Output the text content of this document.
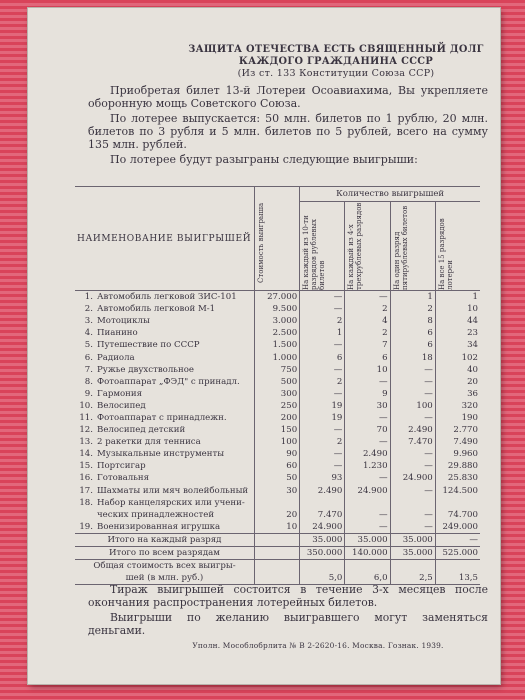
ЗАЩИТА ОТЕЧЕСТВА ЕСТЬ СВЯЩЕННЫЙ ДОЛГ
КАЖДОГО ГРАЖДАНИНА СССР
(Из ст. 133 Конституции Союза ССР)

Приобретая билет 13-й Лотереи Осоавиахима, Вы укрепляете оборонную мощь Советского Союза.

По лотерее выпускается: 50 млн. билетов по 1 рублю, 20 млн. билетов по 3 рубля и 5 млн. билетов по 5 рублей, всего на сумму 135 млн. рублей.

По лотерее будут разыграны следующие выигрыши:

НАИМЕНОВАНИЕ ВЫИГРЫШЕЙ	Стоимость выигрыша	Количество выигрышей			

		На каждый из 10-ти разрядов рублевых билетов	На каждый из 4-х трехрублевых разрядов	На один разряд пятирублевых билетов	На все 15 разрядов лотереи

1. Автомобиль легковой ЗИС-101	27.000	—	—	1	1
2. Автомобиль легковой М-1	9.500	—	2	2	10
3. Мотоциклы	3.000	2	4	8	44
4. Пианино	2.500	1	2	6	23
5. Путешествие по СССР	1.500	—	7	6	34
6. Радиола	1.000	6	6	18	102
7. Ружье двухствольное	750	—	10	—	40
8. Фотоаппарат „ФЭД" с принадл.	500	2	—	—	20
9. Гармония	300	—	9	—	36
10. Велосипед	250	19	30	100	320
11. Фотоаппарат с принадлежн.	200	19	—	—	190
12. Велосипед детский	150	—	70	2.490	2.770
13. 2 ракетки для тенниса	100	2	—	7.470	7.490
14. Музыкальные инструменты	90	—	2.490	—	9.960
15. Портсигар	60	—	1.230	—	29.880
16. Готовальня	50	93	—	24.900	25.830
17. Шахматы или мяч волейбольный	30	2.490	24.900	—	124.500
18. Набор канцелярских или учени-					
ческих принадлежностей	20	7.470	—	—	74.700
19. Военизированная игрушка	10	24.900	—	—	249.000
Итого на каждый разряд		35.000	35.000	35.000	—
Итого по всем разрядам		350.000	140.000	35.000	525.000
Общая стоимость всех выигры-					
шей (в млн. руб.)		5,0	6,0	2,5	13,5

Тираж выигрышей состоится в течение 3-х месяцев после окончания распространения лотерейных билетов.

Выигрыши по желанию выигравшего могут заменяться деньгами.

Уполн. Мособлобрлита № В 2-2620-16. Москва. Гознак. 1939.
